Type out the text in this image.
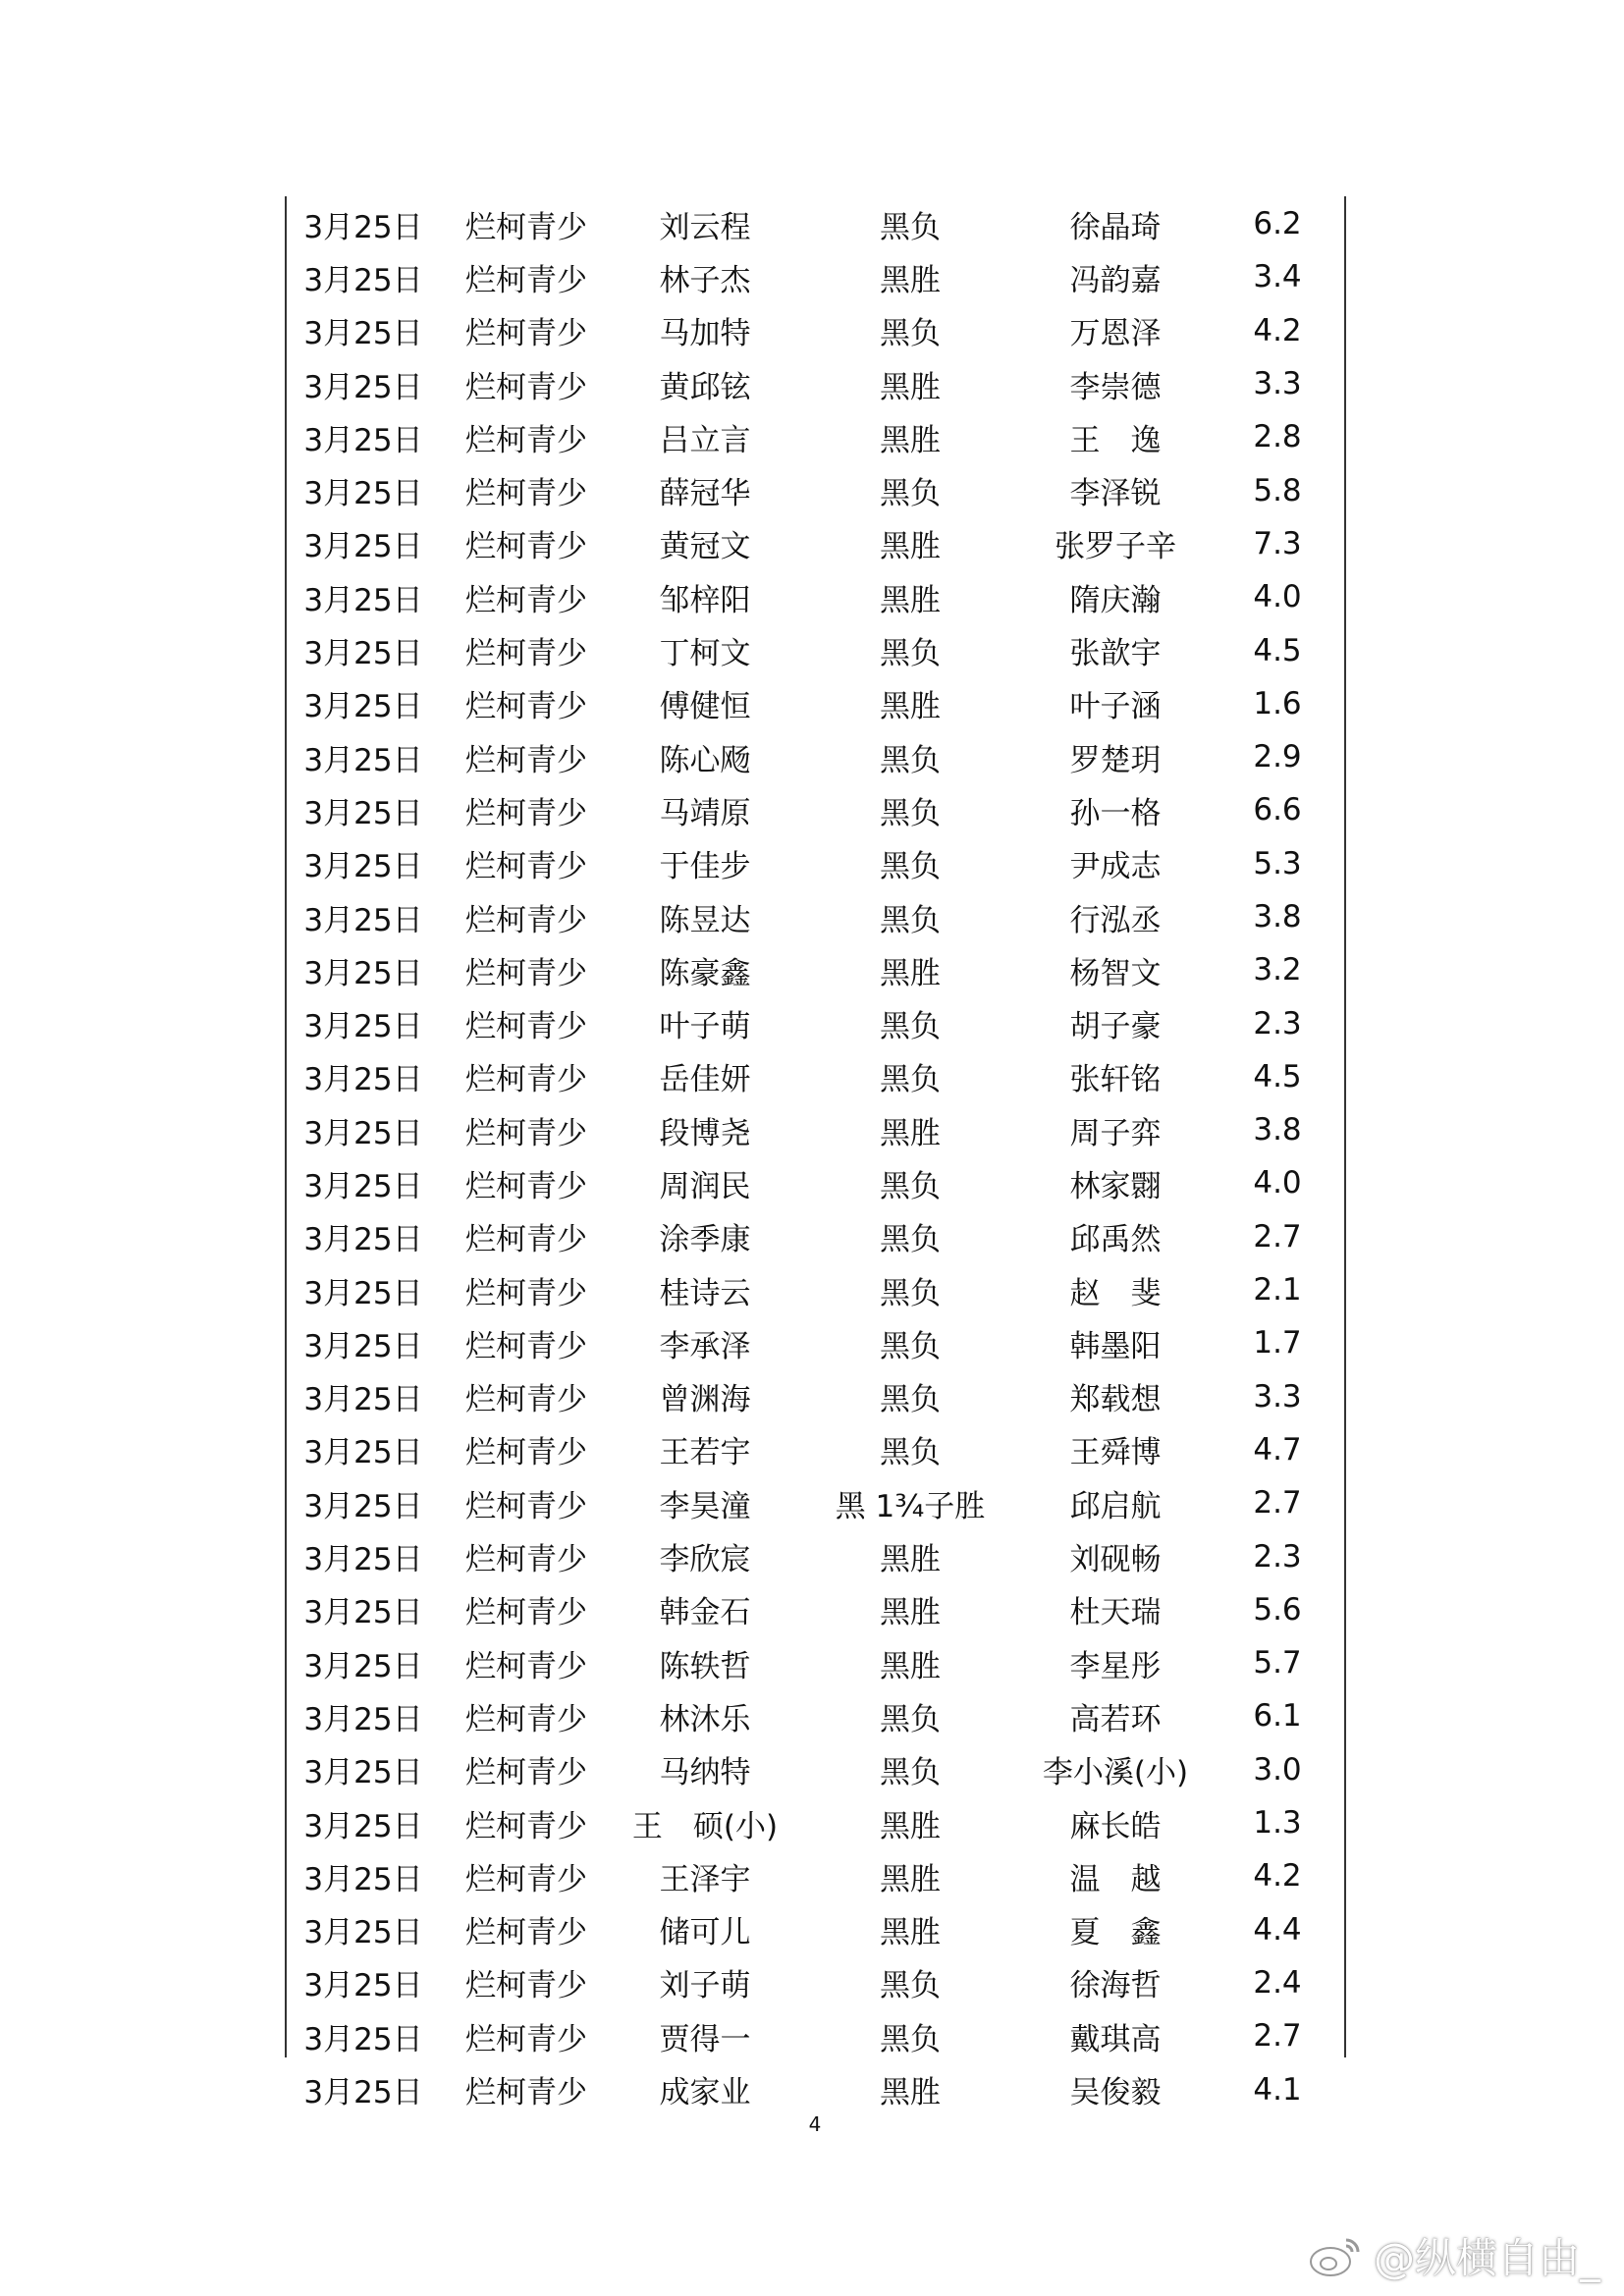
3月25日	烂柯青少	刘云程	黑负	徐晶琦	6.2
3月25日	烂柯青少	林子杰	黑胜	冯韵嘉	3.4
3月25日	烂柯青少	马加特	黑负	万恩泽	4.2
3月25日	烂柯青少	黄邱铉	黑胜	李崇德	3.3
3月25日	烂柯青少	吕立言	黑胜	王　逸	2.8
3月25日	烂柯青少	薛冠华	黑负	李泽锐	5.8
3月25日	烂柯青少	黄冠文	黑胜	张罗子辛	7.3
3月25日	烂柯青少	邹梓阳	黑胜	隋庆瀚	4.0
3月25日	烂柯青少	丁柯文	黑负	张歆宇	4.5
3月25日	烂柯青少	傅健恒	黑胜	叶子涵	1.6
3月25日	烂柯青少	陈心飏	黑负	罗楚玥	2.9
3月25日	烂柯青少	马靖原	黑负	孙一格	6.6
3月25日	烂柯青少	于佳步	黑负	尹成志	5.3
3月25日	烂柯青少	陈昱达	黑负	行泓丞	3.8
3月25日	烂柯青少	陈豪鑫	黑胜	杨智文	3.2
3月25日	烂柯青少	叶子萌	黑负	胡子豪	2.3
3月25日	烂柯青少	岳佳妍	黑负	张轩铭	4.5
3月25日	烂柯青少	段博尧	黑胜	周子弈	3.8
3月25日	烂柯青少	周润民	黑负	林家翾	4.0
3月25日	烂柯青少	涂季康	黑负	邱禹然	2.7
3月25日	烂柯青少	桂诗云	黑负	赵　斐	2.1
3月25日	烂柯青少	李承泽	黑负	韩墨阳	1.7
3月25日	烂柯青少	曾渊海	黑负	郑载想	3.3
3月25日	烂柯青少	王若宇	黑负	王舜博	4.7
3月25日	烂柯青少	李昊潼	黑 1¾子胜	邱启航	2.7
3月25日	烂柯青少	李欣宸	黑胜	刘砚畅	2.3
3月25日	烂柯青少	韩金石	黑胜	杜天瑞	5.6
3月25日	烂柯青少	陈轶哲	黑胜	李星彤	5.7
3月25日	烂柯青少	林沐乐	黑负	高若环	6.1
3月25日	烂柯青少	马纳特	黑负	李小溪(小)	3.0
3月25日	烂柯青少	王　硕(小)	黑胜	麻长皓	1.3
3月25日	烂柯青少	王泽宇	黑胜	温　越	4.2
3月25日	烂柯青少	储可儿	黑胜	夏　鑫	4.4
3月25日	烂柯青少	刘子萌	黑负	徐海哲	2.4
3月25日	烂柯青少	贾得一	黑负	戴琪高	2.7
3月25日	烂柯青少	成家业	黑胜	吴俊毅	4.1
4
@纵横自由_
